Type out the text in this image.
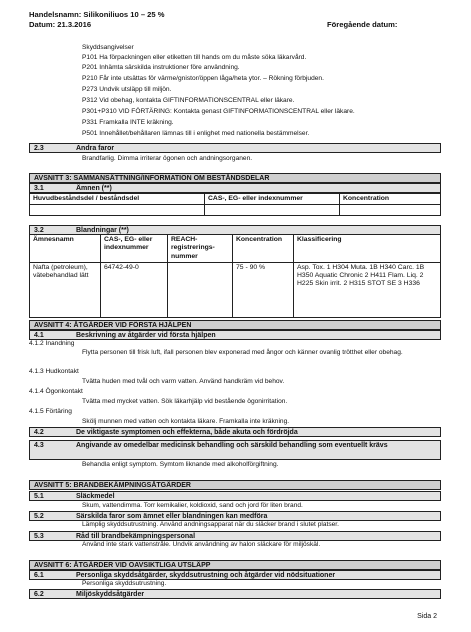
Handelsnamn: Silikoniliuos 10 – 25 %
Datum: 21.3.2016	Föregående datum:
Skyddsangivelser
P101 Ha förpackningen eller etiketten till hands om du måste söka läkarvård.
P201 Inhämta särskilda instruktioner före användning.
P210 Får inte utsättas för värme/gnistor/öppen låga/heta ytor. – Rökning förbjuden.
P273 Undvik utsläpp till miljön.
P312 Vid obehag, kontakta GIFTINFORMATIONSCENTRAL eller läkare.
P301+P310 VID FÖRTÄRING: Kontakta genast GIFTINFORMATIONSCENTRAL eller läkare.
P331 Framkalla INTE kräkning.
P501 Innehållet/behållaren lämnas till i enlighet med nationella bestämmelser.
2.3	Andra faror
Brandfarlig. Dimma irriterar ögonen och andningsorganen.
AVSNITT 3: SAMMANSÄTTNING/INFORMATION OM BESTÅNDSDELAR
3.1	Ämnen (**)
Huvudbeståndsdel / beståndsdel	CAS-, EG- eller indexnummer	Koncentration

3.2	Blandningar (**)
Ämnesnamn	CAS-, EG- eller indexnummer	REACH-registrerings-nummer	Koncentration	Klassificering
Nafta (petroleum), vätebehandlad lätt	64742-49-0		75 - 90 %	Asp. Tox. 1 H304 Muta. 1B H340 Carc. 1B H350 Aquatic Chronic 2 H411 Flam. Liq. 2 H225 Skin irrit. 2 H315 STOT SE 3 H336
AVSNITT 4: ÅTGÄRDER VID FÖRSTA HJÄLPEN
4.1	Beskrivning av åtgärder vid första hjälpen
4.1.2 Inandning
Flytta personen till frisk luft, ifall personen blev exponerad med ångor och känner ovanlig trötthet eller obehag.
4.1.3 Hudkontakt
Tvätta huden med tvål och varm vatten. Använd handkräm vid behov.
4.1.4 Ögonkontakt
Tvätta med mycket vatten. Sök läkarhjälp vid bestående ögonirritation.
4.1.5 Förtäring
Skölj munnen med vatten och kontakta läkare. Framkalla inte kräkning.
4.2	De viktigaste symptomen och effekterna, både akuta och fördröjda
4.3	Angivande av omedelbar medicinsk behandling och särskild behandling som eventuellt krävs
Behandla enligt symptom. Symtom liknande med alkoholförgiftning.
AVSNITT 5: BRANDBEKÄMPNINGSÅTGÄRDER
5.1	Släckmedel
Skum, vattendimma. Torr kemikalier, koldioxid, sand och jord för liten brand.
5.2	Särskilda faror som ämnet eller blandningen kan medföra
Lämplig skyddsutrustning. Använd andningsapparat när du släcker brand i slutet platser.
5.3	Råd till brandbekämpningspersonal
Använd inte stark vattenstråle. Undvik användning av halon släckare för miljöskäl.
AVSNITT 6: ÅTGÄRDER VID OAVSIKTLIGA UTSLÄPP
6.1	Personliga skyddsåtgärder, skyddsutrustning och åtgärder vid nödsituationer
Personliga skyddsutrustning.
6.2	Miljöskyddsåtgärder
Sida 2
